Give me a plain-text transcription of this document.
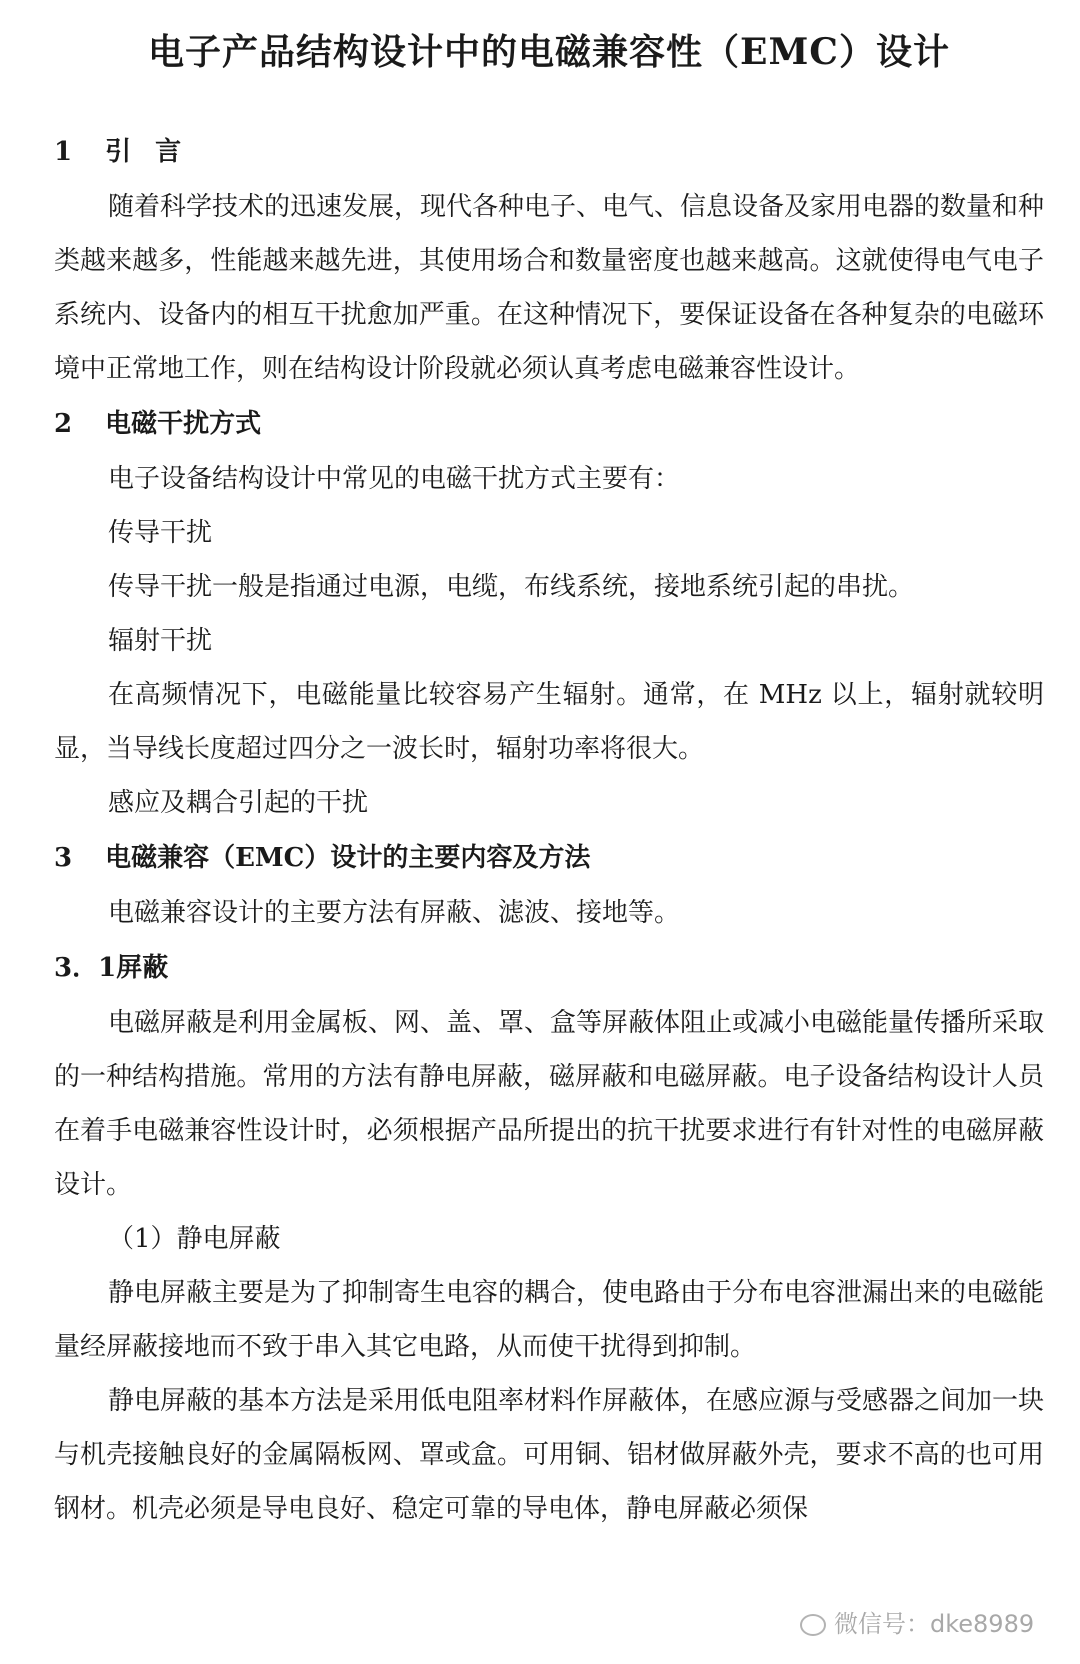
电子产品结构设计中的电磁兼容性（EMC）设计
1 引言

随着科学技术的迅速发展，现代各种电子、电气、信息设备及家用电器的数量和种类越来越多，性能越来越先进，其使用场合和数量密度也越来越高。这就使得电气电子系统内、设备内的相互干扰愈加严重。在这种情况下，要保证设备在各种复杂的电磁环境中正常地工作，则在结构设计阶段就必须认真考虑电磁兼容性设计。

2 电磁干扰方式

电子设备结构设计中常见的电磁干扰方式主要有：

传导干扰

传导干扰一般是指通过电源，电缆，布线系统，接地系统引起的串扰。

辐射干扰

在高频情况下，电磁能量比较容易产生辐射。通常，在 MHz 以上，辐射就较明显，当导线长度超过四分之一波长时，辐射功率将很大。

感应及耦合引起的干扰

3 电磁兼容（EMC）设计的主要内容及方法

电磁兼容设计的主要方法有屏蔽、滤波、接地等。

3．1屏蔽

电磁屏蔽是利用金属板、网、盖、罩、盒等屏蔽体阻止或减小电磁能量传播所采取的一种结构措施。常用的方法有静电屏蔽，磁屏蔽和电磁屏蔽。电子设备结构设计人员在着手电磁兼容性设计时，必须根据产品所提出的抗干扰要求进行有针对性的电磁屏蔽设计。

（1）静电屏蔽

静电屏蔽主要是为了抑制寄生电容的耦合，使电路由于分布电容泄漏出来的电磁能量经屏蔽接地而不致于串入其它电路，从而使干扰得到抑制。

静电屏蔽的基本方法是采用低电阻率材料作屏蔽体，在感应源与受感器之间加一块与机壳接触良好的金属隔板网、罩或盒。可用铜、铝材做屏蔽外壳，要求不高的也可用钢材。机壳必须是导电良好、稳定可靠的导电体，静电屏蔽必须保

微信号：dke8989
